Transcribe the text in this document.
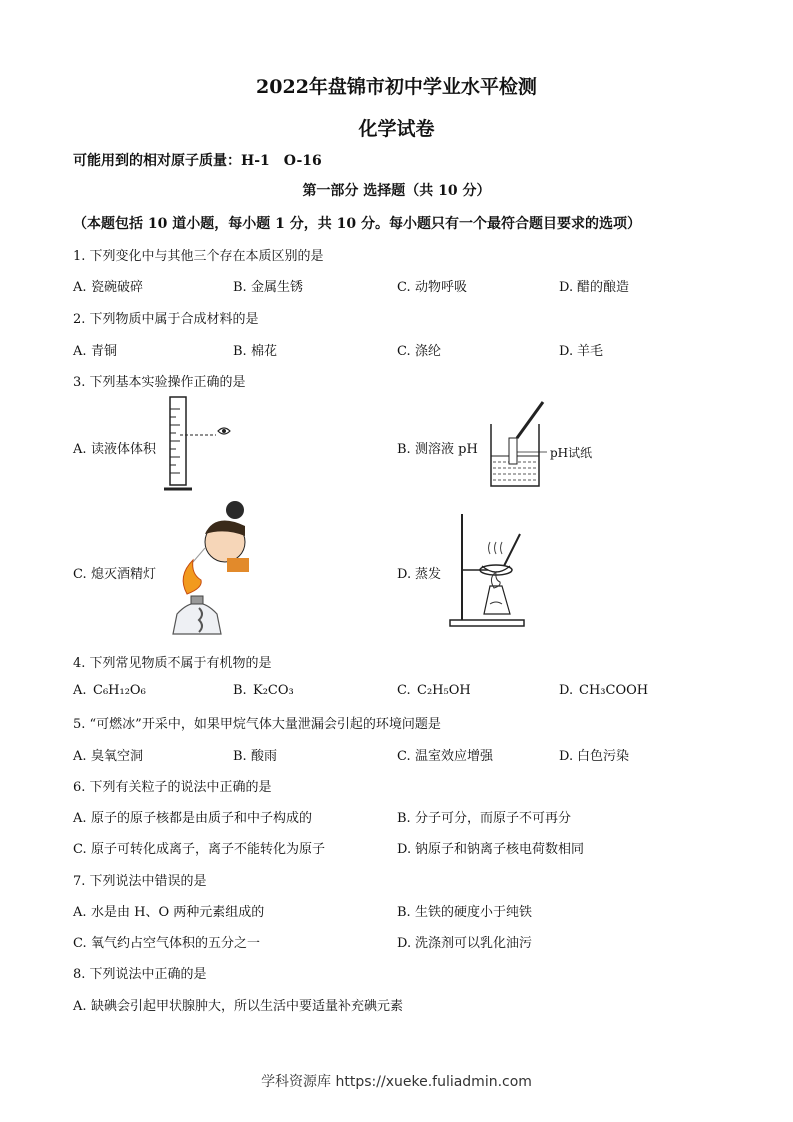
2022年盘锦市初中学业水平检测
化学试卷
可能用到的相对原子质量：H-1　O-16
第一部分 选择题（共 10 分）
（本题包括 10 道小题，每小题 1 分，共 10 分。每小题只有一个最符合题目要求的选项）
1. 下列变化中与其他三个存在本质区别的是
A. 瓷碗破碎	B. 金属生锈	C. 动物呼吸	D. 醋的酿造
2. 下列物质中属于合成材料的是
A. 青铜	B. 棉花	C. 涤纶	D. 羊毛
3. 下列基本实验操作正确的是
A. 读液体体积	B. 测溶液 pH	pH试纸
C. 熄灭酒精灯	D. 蒸发
4. 下列常见物质不属于有机物的是
A. C₆H₁₂O₆	B. K₂CO₃	C. C₂H₅OH	D. CH₃COOH
5. “可燃冰”开采中，如果甲烷气体大量泄漏会引起的环境问题是
A. 臭氧空洞	B. 酸雨	C. 温室效应增强	D. 白色污染
6. 下列有关粒子的说法中正确的是
A. 原子的原子核都是由质子和中子构成的	B. 分子可分，而原子不可再分
C. 原子可转化成离子，离子不能转化为原子	D. 钠原子和钠离子核电荷数相同
7. 下列说法中错误的是
A. 水是由 H、O 两种元素组成的	B. 生铁的硬度小于纯铁
C. 氧气约占空气体积的五分之一	D. 洗涤剂可以乳化油污
8. 下列说法中正确的是
A. 缺碘会引起甲状腺肿大，所以生活中要适量补充碘元素
学科资源库 https://xueke.fuliadmin.com
